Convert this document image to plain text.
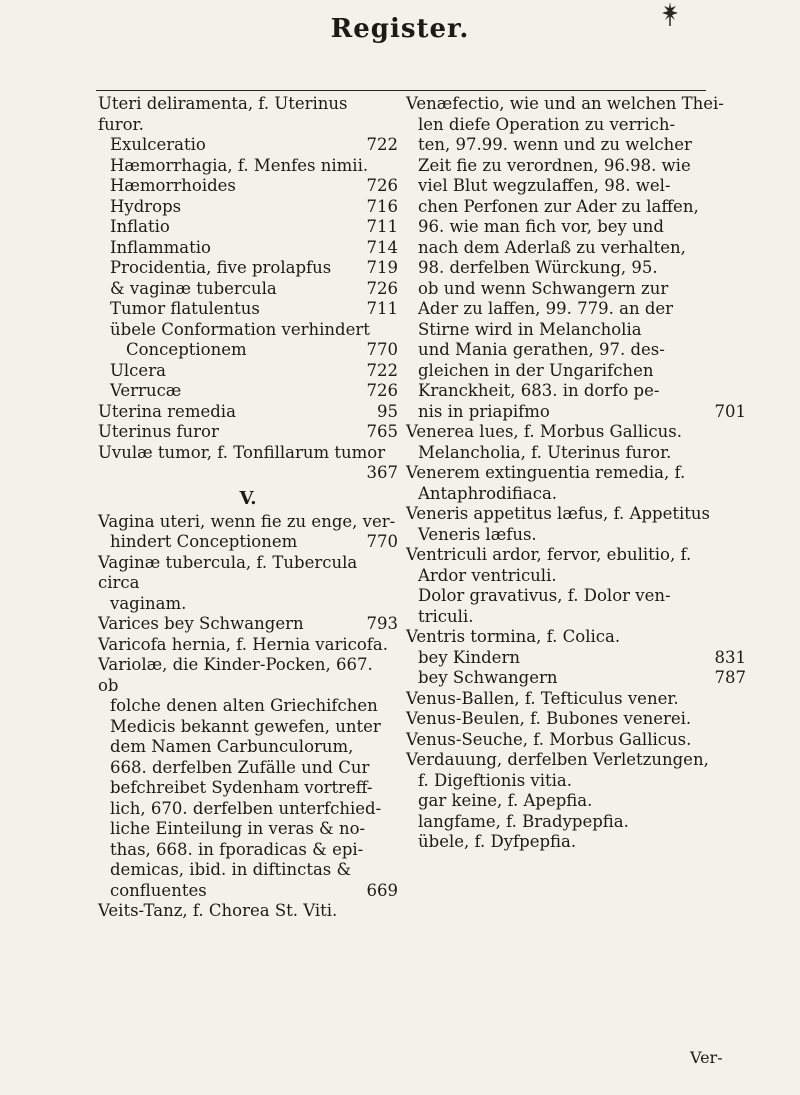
Register.
Uteri deliramenta, f. Uterinus furor.
722
Exulceratio
Hæmorrhagia, f. Menfes nimii.
726
Hæmorrhoides
716
Hydrops
711
Inflatio
714
Inflammatio
719
Procidentia, five prolapfus
726
& vaginæ tubercula
711
Tumor flatulentus
übele Conformation verhindert
770
Conceptionem
722
Ulcera
726
Verrucæ
95
Uterina remedia
765
Uterinus furor
Uvulæ tumor, f. Tonfillarum tumor
367

V.
Vagina uteri, wenn fie zu enge, ver-
770
hindert Conceptionem
Vaginæ tubercula, f. Tubercula circa
vaginam.
793
Varices bey Schwangern
Varicofa hernia, f. Hernia varicofa.
Variolæ, die Kinder-Pocken, 667. ob
folche denen alten Griechifchen
Medicis bekannt gewefen, unter
dem Namen Carbunculorum,
668. derfelben Zufälle und Cur
befchreibet Sydenham vortreff-
lich, 670. derfelben unterfchied-
liche Einteilung in veras & no-
thas, 668. in fporadicas & epi-
demicas, ibid. in diftinctas &
669
confluentes
Veits-Tanz, f. Chorea St. Viti.
Venæfectio, wie und an welchen Thei-
len diefe Operation zu verrich-
ten, 97.99. wenn und zu welcher
Zeit fie zu verordnen, 96.98. wie
viel Blut wegzulaffen, 98. wel-
chen Perfonen zur Ader zu laffen,
96. wie man fich vor, bey und
nach dem Aderlaß zu verhalten,
98. derfelben Würckung, 95.
ob und wenn Schwangern zur
Ader zu laffen, 99. 779. an der
Stirne wird in Melancholia
und Mania gerathen, 97. des-
gleichen in der Ungarifchen
Kranckheit, 683. in dorfo pe-
701
nis in priapifmo
Venerea lues, f. Morbus Gallicus.
Melancholia, f. Uterinus furor.
Venerem extinguentia remedia, f.
Antaphrodifiaca.
Veneris appetitus læfus, f. Appetitus
Veneris læfus.
Ventriculi ardor, fervor, ebulitio, f.
Ardor ventriculi.
Dolor gravativus, f. Dolor ven-
triculi.
Ventris tormina, f. Colica.
831
bey Kindern
787
bey Schwangern
Venus-Ballen, f. Tefticulus vener.
Venus-Beulen, f. Bubones venerei.
Venus-Seuche, f. Morbus Gallicus.
Verdauung, derfelben Verletzungen,
f. Digeftionis vitia.
gar keine, f. Apepfia.
langfame, f. Bradypepfia.
übele, f. Dyfpepfia.
Ver-
